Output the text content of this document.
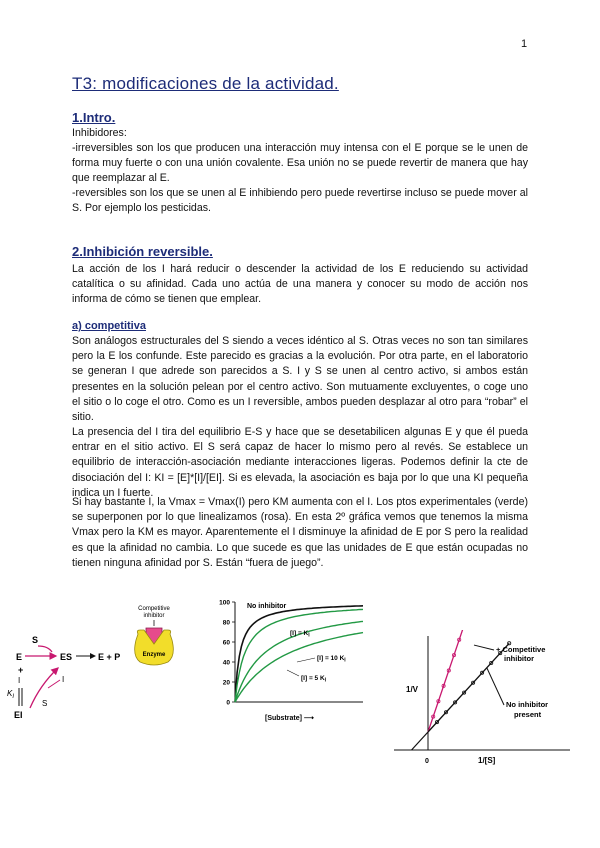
1
T3: modificaciones de la actividad.
1.Intro.

Inhibidores:

-irreversibles son los que producen una interacción muy intensa con el E porque se le unen de forma muy fuerte o con una unión covalente. Esa unión no se puede revertir de manera que hay que reemplazar al E.

-reversibles son los que se unen al E inhibiendo pero puede revertirse incluso se puede mover al S. Por ejemplo los pesticidas.

2.Inhibición reversible.

La acción de los I hará reducir o descender la actividad de los E reduciendo su actividad catalítica o su afinidad. Cada uno actúa de una manera y conocer su modo de acción nos informa de cómo se tienen que emplear.

a) competitiva

Son análogos estructurales del S siendo a veces idéntico al S. Otras veces no son tan similares pero la E los confunde. Este parecido es gracias a la evolución. Por otra parte, en el laboratorio se generan I que adrede son parecidos a S. I y S se unen al centro activo, si ambos están presentes en la solución pelean por el centro activo. Son mutuamente excluyentes, o coge uno el sitio o lo coge el otro. Como es un I reversible, ambos pueden desplazar al otro para “robar” el sitio.

La presencia del I tira del equilibrio E-S y hace que se desetabilicen algunas E y que él pueda entrar en el sitio activo. El S será capaz de hacer lo mismo pero al revés. Se establece un equilibrio de interacción-asociación mediante interacciones ligeras. Podemos definir la cte de disociación del I: KI = [E]*[I]/[EI]. Si es elevada, la asociación es baja por lo que una KI pequeña indica un I fuerte.

Si hay bastante I, la Vmax = Vmax(I) pero KM aumenta con el I. Los ptos experimentales (verde) se superponen por lo que linealizamos (rosa). En esta 2º gráfica vemos que tenemos la misma Vmax pero la KM es mayor. Aparentemente el I disminuye la afinidad de E por S pero la realidad es que la afinidad no cambia. Lo que sucede es que las unidades de E que están ocupadas no tienen ninguna afinidad por S. Están “fuera de juego”.

S
E	ES	E + P
+
I
$K_I$
EI
I
S
Competitive
inhibitor
Enzyme
100
80
60
40
20
0
No inhibitor
$[I] = K_I$
[I] = 10 $K_I$
[I] = 5 $K_I$
[Substrate] ⟶
1/V
0	1/[S]
+ Competitive
inhibitor
No inhibitor
present
